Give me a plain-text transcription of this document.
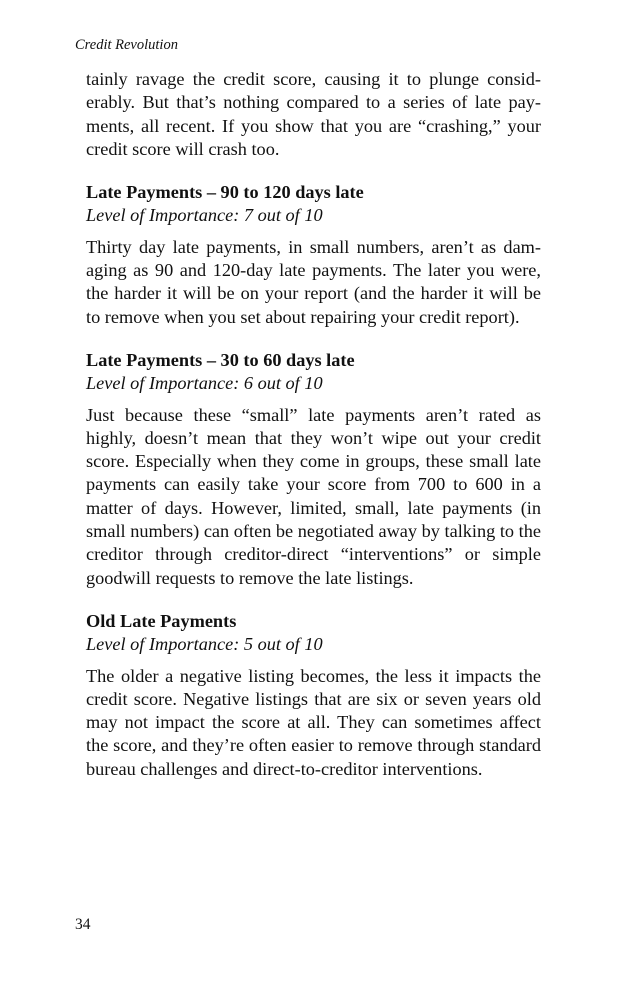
Credit Revolution

tainly ravage the credit score, causing it to plunge considerably. But that’s nothing compared to a series of late payments, all recent. If you show that you are “crashing,” your credit score will crash too.

Late Payments – 90 to 120 days late

Level of Importance: 7 out of 10

Thirty day late payments, in small numbers, aren’t as damaging as 90 and 120-day late payments. The later you were, the harder it will be on your report (and the harder it will be to remove when you set about repairing your credit report).

Late Payments – 30 to 60 days late

Level of Importance: 6 out of 10

Just because these “small” late payments aren’t rated as highly, doesn’t mean that they won’t wipe out your credit score. Especially when they come in groups, these small late payments can easily take your score from 700 to 600 in a matter of days. However, limited, small, late payments (in small numbers) can often be negotiated away by talking to the creditor through creditor-direct “interventions” or simple goodwill requests to remove the late listings.

Old Late Payments

Level of Importance: 5 out of 10

The older a negative listing becomes, the less it impacts the credit score. Negative listings that are six or seven years old may not impact the score at all. They can sometimes affect the score, and they’re often easier to remove through standard bureau challenges and direct-to-creditor interventions.

34
